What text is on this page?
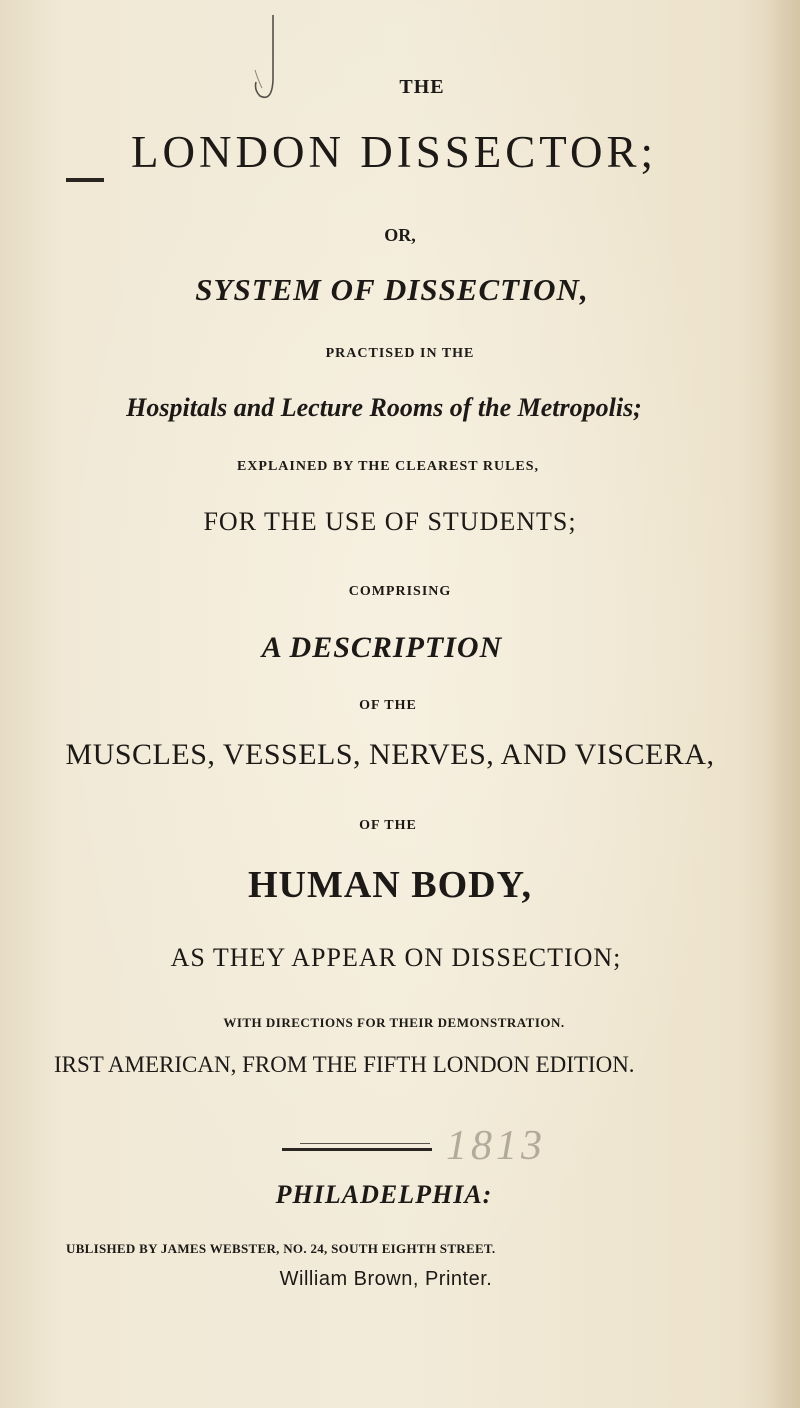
THE
LONDON DISSECTOR;
OR,
SYSTEM OF DISSECTION,
PRACTISED IN THE
Hospitals and Lecture Rooms of the Metropolis;
EXPLAINED BY THE CLEAREST RULES,
FOR THE USE OF STUDENTS;
COMPRISING
A DESCRIPTION
OF THE
MUSCLES, VESSELS, NERVES, AND VISCERA,
OF THE
HUMAN BODY,
AS THEY APPEAR ON DISSECTION;
WITH DIRECTIONS FOR THEIR DEMONSTRATION.
IRST AMERICAN, FROM THE FIFTH LONDON EDITION.
1813
PHILADELPHIA:
UBLISHED BY JAMES WEBSTER, NO. 24, SOUTH EIGHTH STREET.
William Brown, Printer.
